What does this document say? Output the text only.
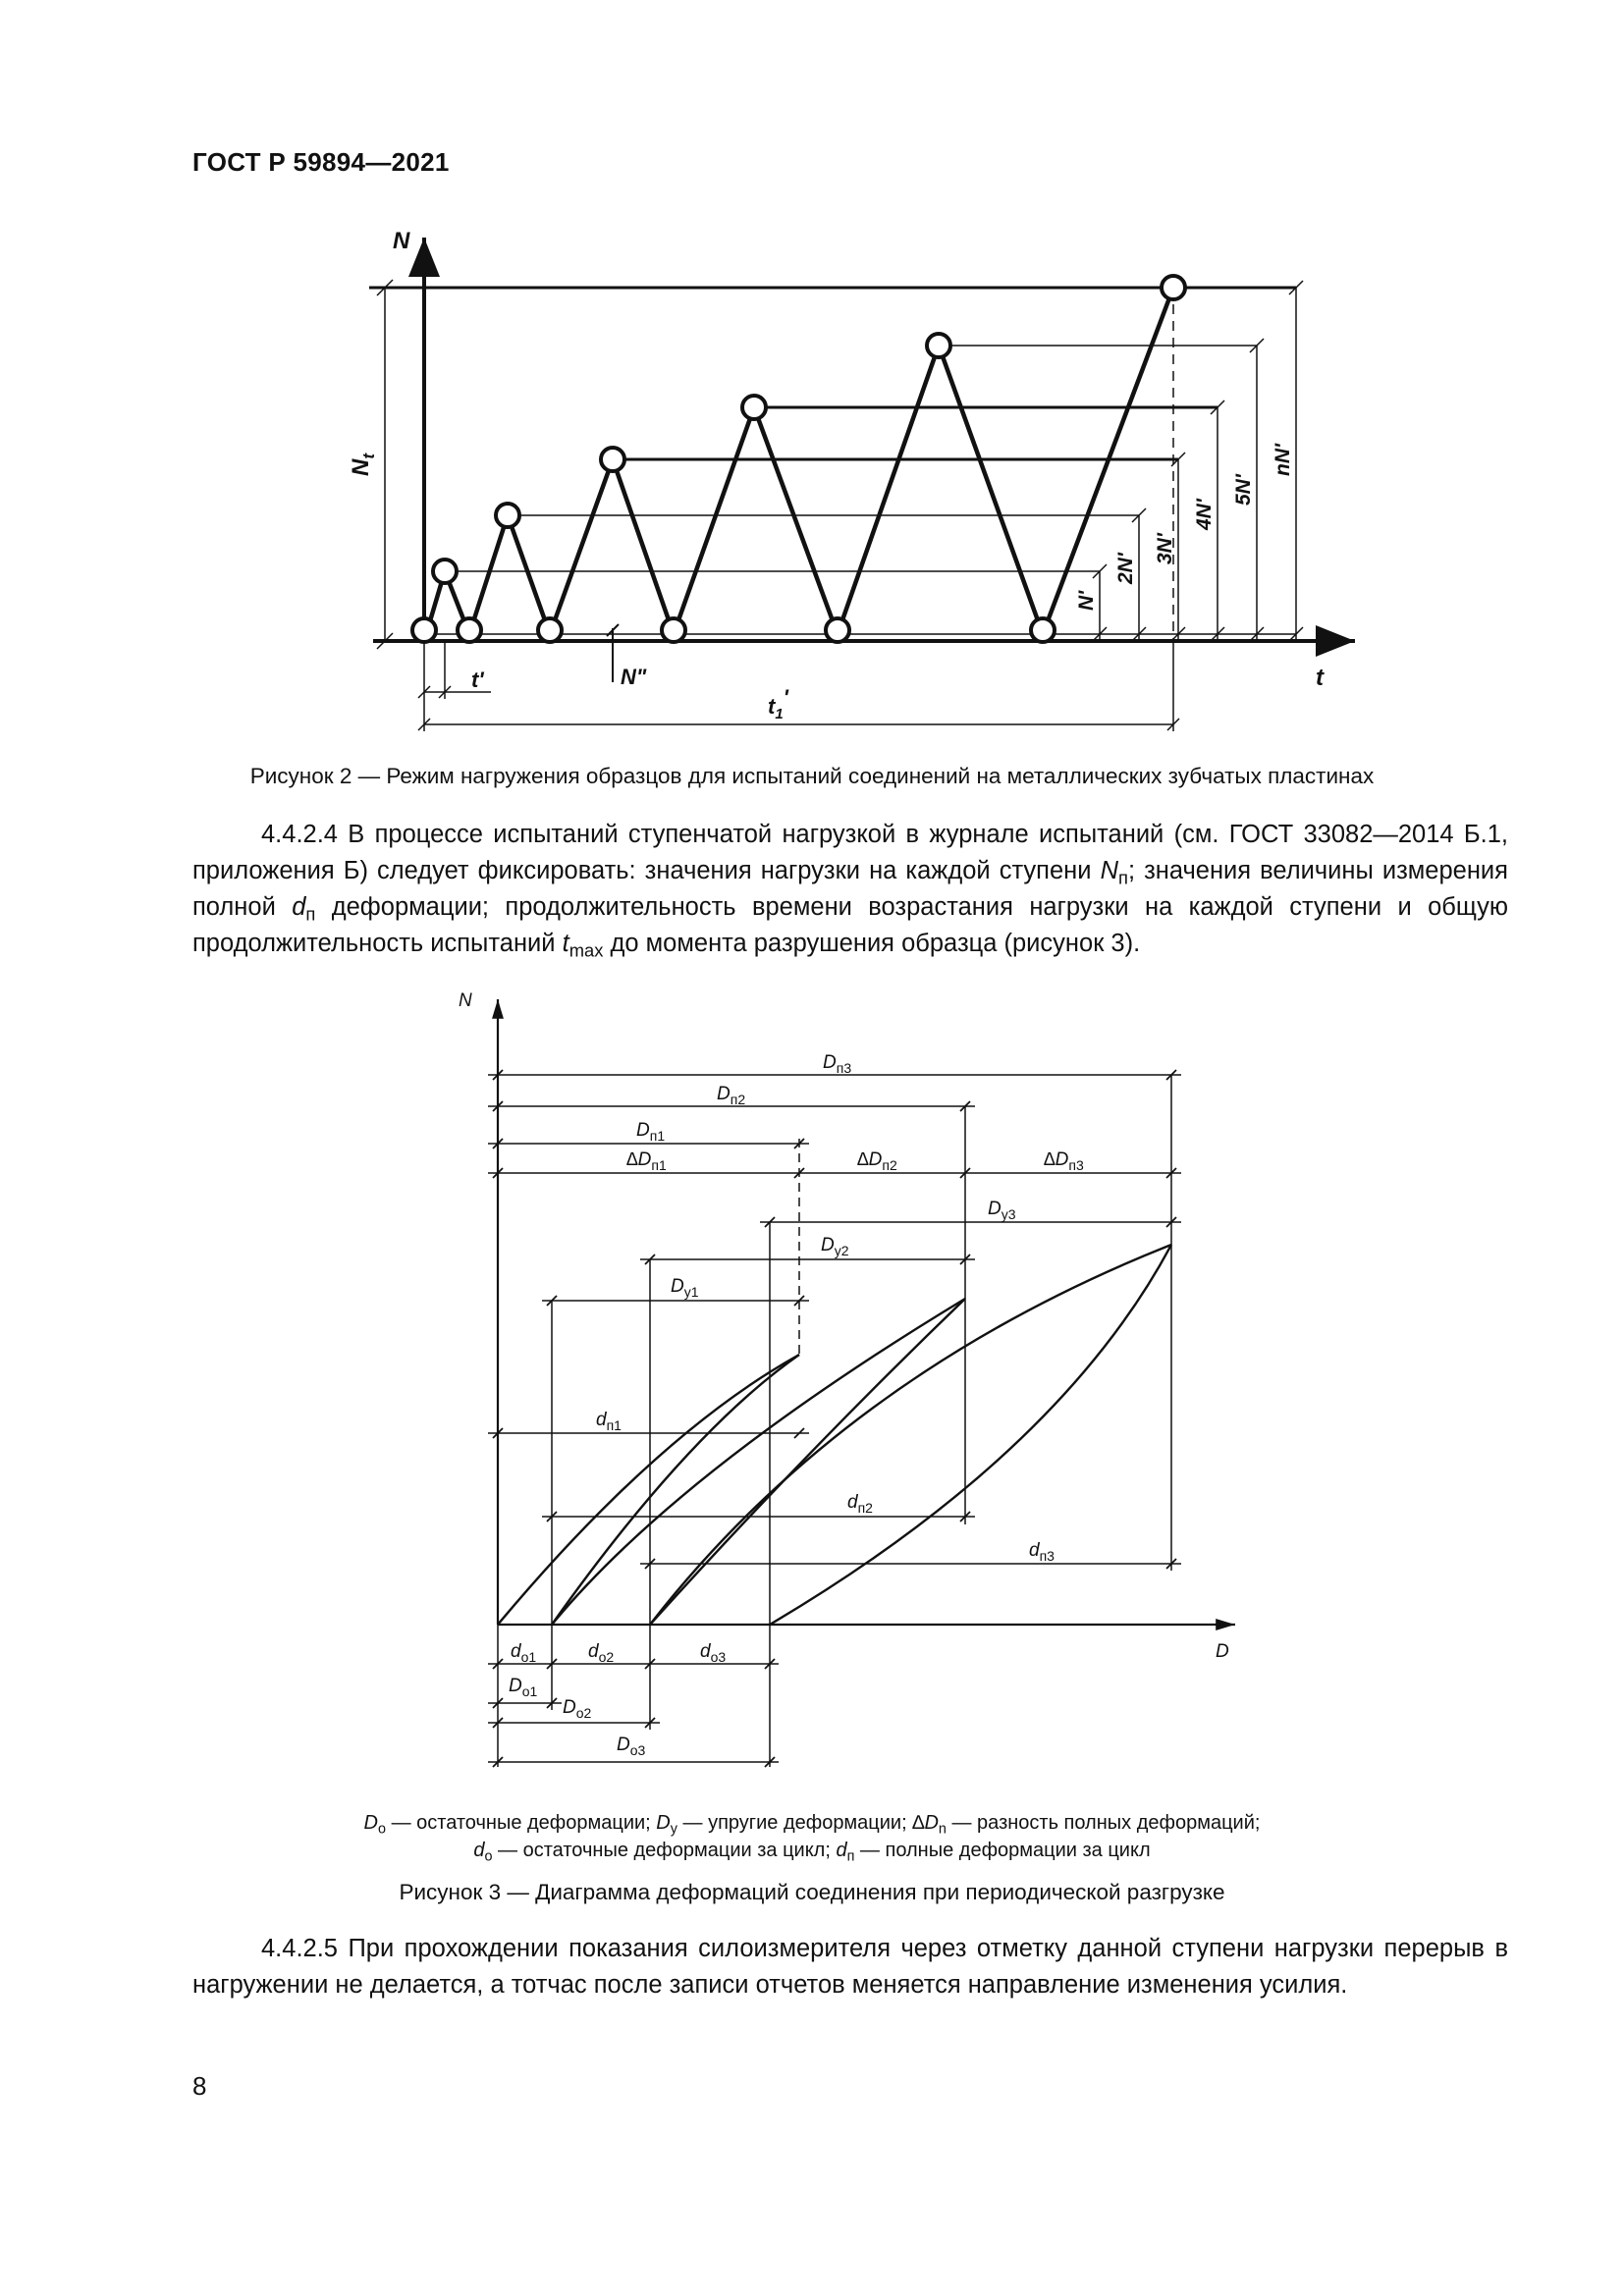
ГОСТ Р 59894—2021
N
t
$N_t$
N'
2N'
3N'
4N'
5N'
nN'
N"
t'
$t_1'$
Рисунок 2 — Режим нагружения образцов для испытаний соединений на металлических зубчатых пластинах

4.4.2.4 В процессе испытаний ступенчатой нагрузкой в журнале испытаний (см. ГОСТ 33082—2014 Б.1, приложения Б) следует фиксировать: значения нагрузки на каждой ступени $N_п$; значения величины измерения полной $d_п$ деформации; продолжительность времени возрастания нагрузки на каждой ступени и общую продолжительность испытаний $t_{max}$ до момента разрушения образца (рисунок 3).

N
D
$D_{п3}$
$D_{п2}$
$D_{п1}$
$\Delta D_{п1}$	$\Delta D_{п2}$	$\Delta D_{п3}$
$D_{у3}$
$D_{у2}$
$D_{у1}$
$d_{п1}$
$d_{п2}$
$d_{п3}$
$d_{о1}$	$d_{о2}$	$d_{о3}$
$D_{о1}$
$D_{о2}$
$D_{о3}$
$D_о$ — остаточные деформации; $D_у$ — упругие деформации; $\Delta D_n$ — разность полных деформаций;
$d_о$ — остаточные деформации за цикл; $d_п$ — полные деформации за цикл
Рисунок 3 — Диаграмма деформаций соединения при периодической разгрузке

4.4.2.5 При прохождении показания силоизмерителя через отметку данной ступени нагрузки перерыв в нагружении не делается, а тотчас после записи отчетов меняется направление изменения усилия.

8
